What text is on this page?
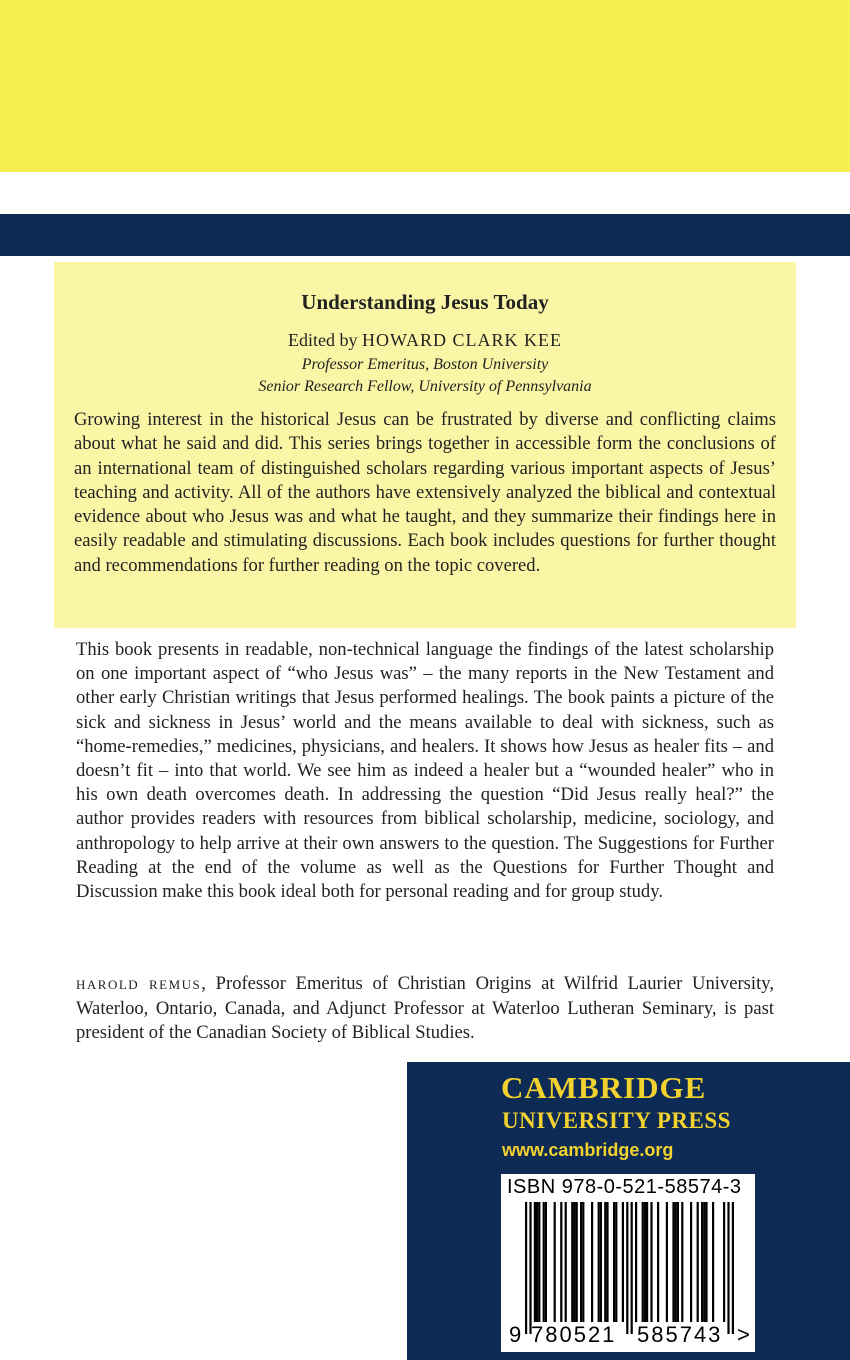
Understanding Jesus Today
Edited by HOWARD CLARK KEE
Professor Emeritus, Boston University
Senior Research Fellow, University of Pennsylvania

Growing interest in the historical Jesus can be frustrated by diverse and conflicting claims about what he said and did. This series brings together in accessible form the conclusions of an international team of distinguished scholars regarding various important aspects of Jesus’ teaching and activity. All of the authors have extensively analyzed the biblical and contextual evidence about who Jesus was and what he taught, and they summarize their findings here in easily readable and stimulating discussions. Each book includes questions for further thought and recommendations for further reading on the topic covered.

This book presents in readable, non-technical language the findings of the latest scholarship on one important aspect of “who Jesus was” – the many reports in the New Testament and other early Christian writings that Jesus performed healings. The book paints a picture of the sick and sickness in Jesus’ world and the means available to deal with sickness, such as “home-remedies,” medicines, physicians, and healers. It shows how Jesus as healer fits – and doesn’t fit – into that world. We see him as indeed a healer but a “wounded healer” who in his own death overcomes death. In addressing the question “Did Jesus really heal?” the author provides readers with resources from biblical scholarship, medicine, sociology, and anthropology to help arrive at their own answers to the question. The Suggestions for Further Reading at the end of the volume as well as the Questions for Further Thought and Discussion make this book ideal both for personal reading and for group study.

HAROLD REMUS, Professor Emeritus of Christian Origins at Wilfrid Laurier University, Waterloo, Ontario, Canada, and Adjunct Professor at Waterloo Lutheran Seminary, is past president of the Canadian Society of Biblical Studies.

CAMBRIDGE
UNIVERSITY PRESS
www.cambridge.org
9 780521 585743 >
ISBN 978-0-521-58574-3
